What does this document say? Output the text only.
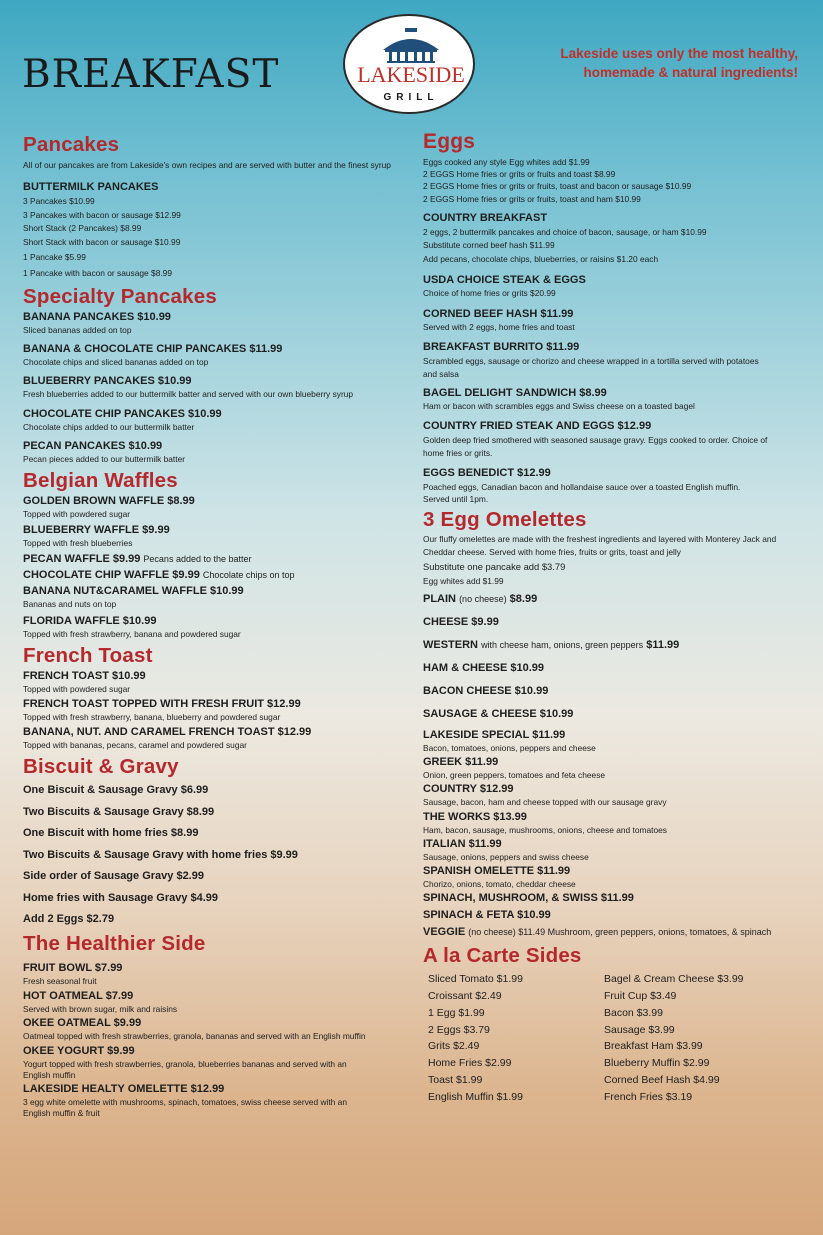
BREAKFAST	LAKESIDE
GRILL
Lakeside uses only the most healthy,
homemade & natural ingredients!
Pancakes
All of our pancakes are from Lakeside's own recipes and are served with butter and the finest syrup
BUTTERMILK PANCAKES
3 Pancakes $10.99
3 Pancakes with bacon or sausage $12.99
Short Stack (2 Pancakes) $8.99
Short Stack with bacon or sausage $10.99
1 Pancake $5.99
1 Pancake with bacon or sausage $8.99
Specialty Pancakes
BANANA PANCAKES $10.99
Sliced bananas added on top
BANANA & CHOCOLATE CHIP PANCAKES $11.99
Chocolate chips and sliced bananas added on top
BLUEBERRY PANCAKES $10.99
Fresh blueberries added to our buttermilk batter and served with our own blueberry syrup
CHOCOLATE CHIP PANCAKES $10.99
Chocolate chips added to our buttermilk batter
PECAN PANCAKES $10.99
Pecan pieces added to our buttermilk batter
Belgian Waffles
GOLDEN BROWN WAFFLE $8.99
Topped with powdered sugar
BLUEBERRY WAFFLE $9.99
Topped with fresh blueberries
PECAN WAFFLE $9.99 Pecans added to the batter
CHOCOLATE CHIP WAFFLE $9.99 Chocolate chips on top
BANANA NUT&CARAMEL WAFFLE $10.99
Bananas and nuts on top
FLORIDA WAFFLE $10.99
Topped with fresh strawberry, banana and powdered sugar
French Toast
FRENCH TOAST $10.99
Topped with powdered sugar
FRENCH TOAST TOPPED WITH FRESH FRUIT $12.99
Topped with fresh strawberry, banana, blueberry and powdered sugar
BANANA, NUT. AND CARAMEL FRENCH TOAST $12.99
Topped with bananas, pecans, caramel and powdered sugar
Biscuit & Gravy
One Biscuit & Sausage Gravy $6.99
Two Biscuits & Sausage Gravy $8.99
One Biscuit with home fries $8.99
Two Biscuits & Sausage Gravy with home fries $9.99
Side order of Sausage Gravy $2.99
Home fries with Sausage Gravy $4.99
Add 2 Eggs $2.79
The Healthier Side
FRUIT BOWL $7.99
Fresh seasonal fruit
HOT OATMEAL $7.99
Served with brown sugar, milk and raisins
OKEE OATMEAL $9.99
Oatmeal topped with fresh strawberries, granola, bananas and served with an English muffin
OKEE YOGURT $9.99
Yogurt topped with fresh strawberries, granola, blueberries bananas and served with an
English muffin
LAKESIDE HEALTY OMELETTE $12.99
3 egg white omelette with mushrooms, spinach, tomatoes, swiss cheese served with an
English muffin & fruit
Eggs
Eggs cooked any style Egg whites add $1.99
2 EGGS Home fries or grits or fruits and toast $8.99
2 EGGS Home fries or grits or fruits, toast and bacon or sausage $10.99
2 EGGS Home fries or grits or fruits, toast and ham $10.99
COUNTRY BREAKFAST
2 eggs, 2 buttermilk pancakes and choice of bacon, sausage, or ham $10.99
Substitute corned beef hash $11.99
Add pecans, chocolate chips, blueberries, or raisins $1.20 each
USDA CHOICE STEAK & EGGS
Choice of home fries or grits $20.99
CORNED BEEF HASH $11.99
Served with 2 eggs, home fries and toast
BREAKFAST BURRITO $11.99
Scrambled eggs, sausage or chorizo and cheese wrapped in a tortilla served with potatoes
and salsa
BAGEL DELIGHT SANDWICH $8.99
Ham or bacon with scrambles eggs and Swiss cheese on a toasted bagel
COUNTRY FRIED STEAK AND EGGS $12.99
Golden deep fried smothered with seasoned sausage gravy. Eggs cooked to order. Choice of
home fries or grits.
EGGS BENEDICT $12.99
Poached eggs, Canadian bacon and hollandaise sauce over a toasted English muffin.
Served until 1pm.
3 Egg Omelettes
Our fluffy omelettes are made with the freshest ingredients and layered with Monterey Jack and
Cheddar cheese. Served with home fries, fruits or grits, toast and jelly
Substitute one pancake add $3.79
Egg whites add $1.99
PLAIN (no cheese) $8.99
CHEESE $9.99
WESTERN with cheese ham, onions, green peppers $11.99
HAM & CHEESE $10.99
BACON CHEESE $10.99
SAUSAGE & CHEESE $10.99
LAKESIDE SPECIAL $11.99
Bacon, tomatoes, onions, peppers and cheese
GREEK $11.99
Onion, green peppers, tomatoes and feta cheese
COUNTRY $12.99
Sausage, bacon, ham and cheese topped with our sausage gravy
THE WORKS $13.99
Ham, bacon, sausage, mushrooms, onions, cheese and tomatoes
ITALIAN $11.99
Sausage, onions, peppers and swiss cheese
SPANISH OMELETTE $11.99
Chorizo, onions, tomato, cheddar cheese
SPINACH, MUSHROOM, & SWISS $11.99
SPINACH & FETA $10.99
VEGGIE (no cheese) $11.49 Mushroom, green peppers, onions, tomatoes, & spinach
A la Carte Sides
Sliced Tomato $1.99
Croissant $2.49
1 Egg $1.99
2 Eggs $3.79
Grits $2.49
Home Fries $2.99
Toast $1.99
English Muffin $1.99
Bagel & Cream Cheese $3.99
Fruit Cup $3.49
Bacon $3.99
Sausage $3.99
Breakfast Ham $3.99
Blueberry Muffin $2.99
Corned Beef Hash $4.99
French Fries $3.19
